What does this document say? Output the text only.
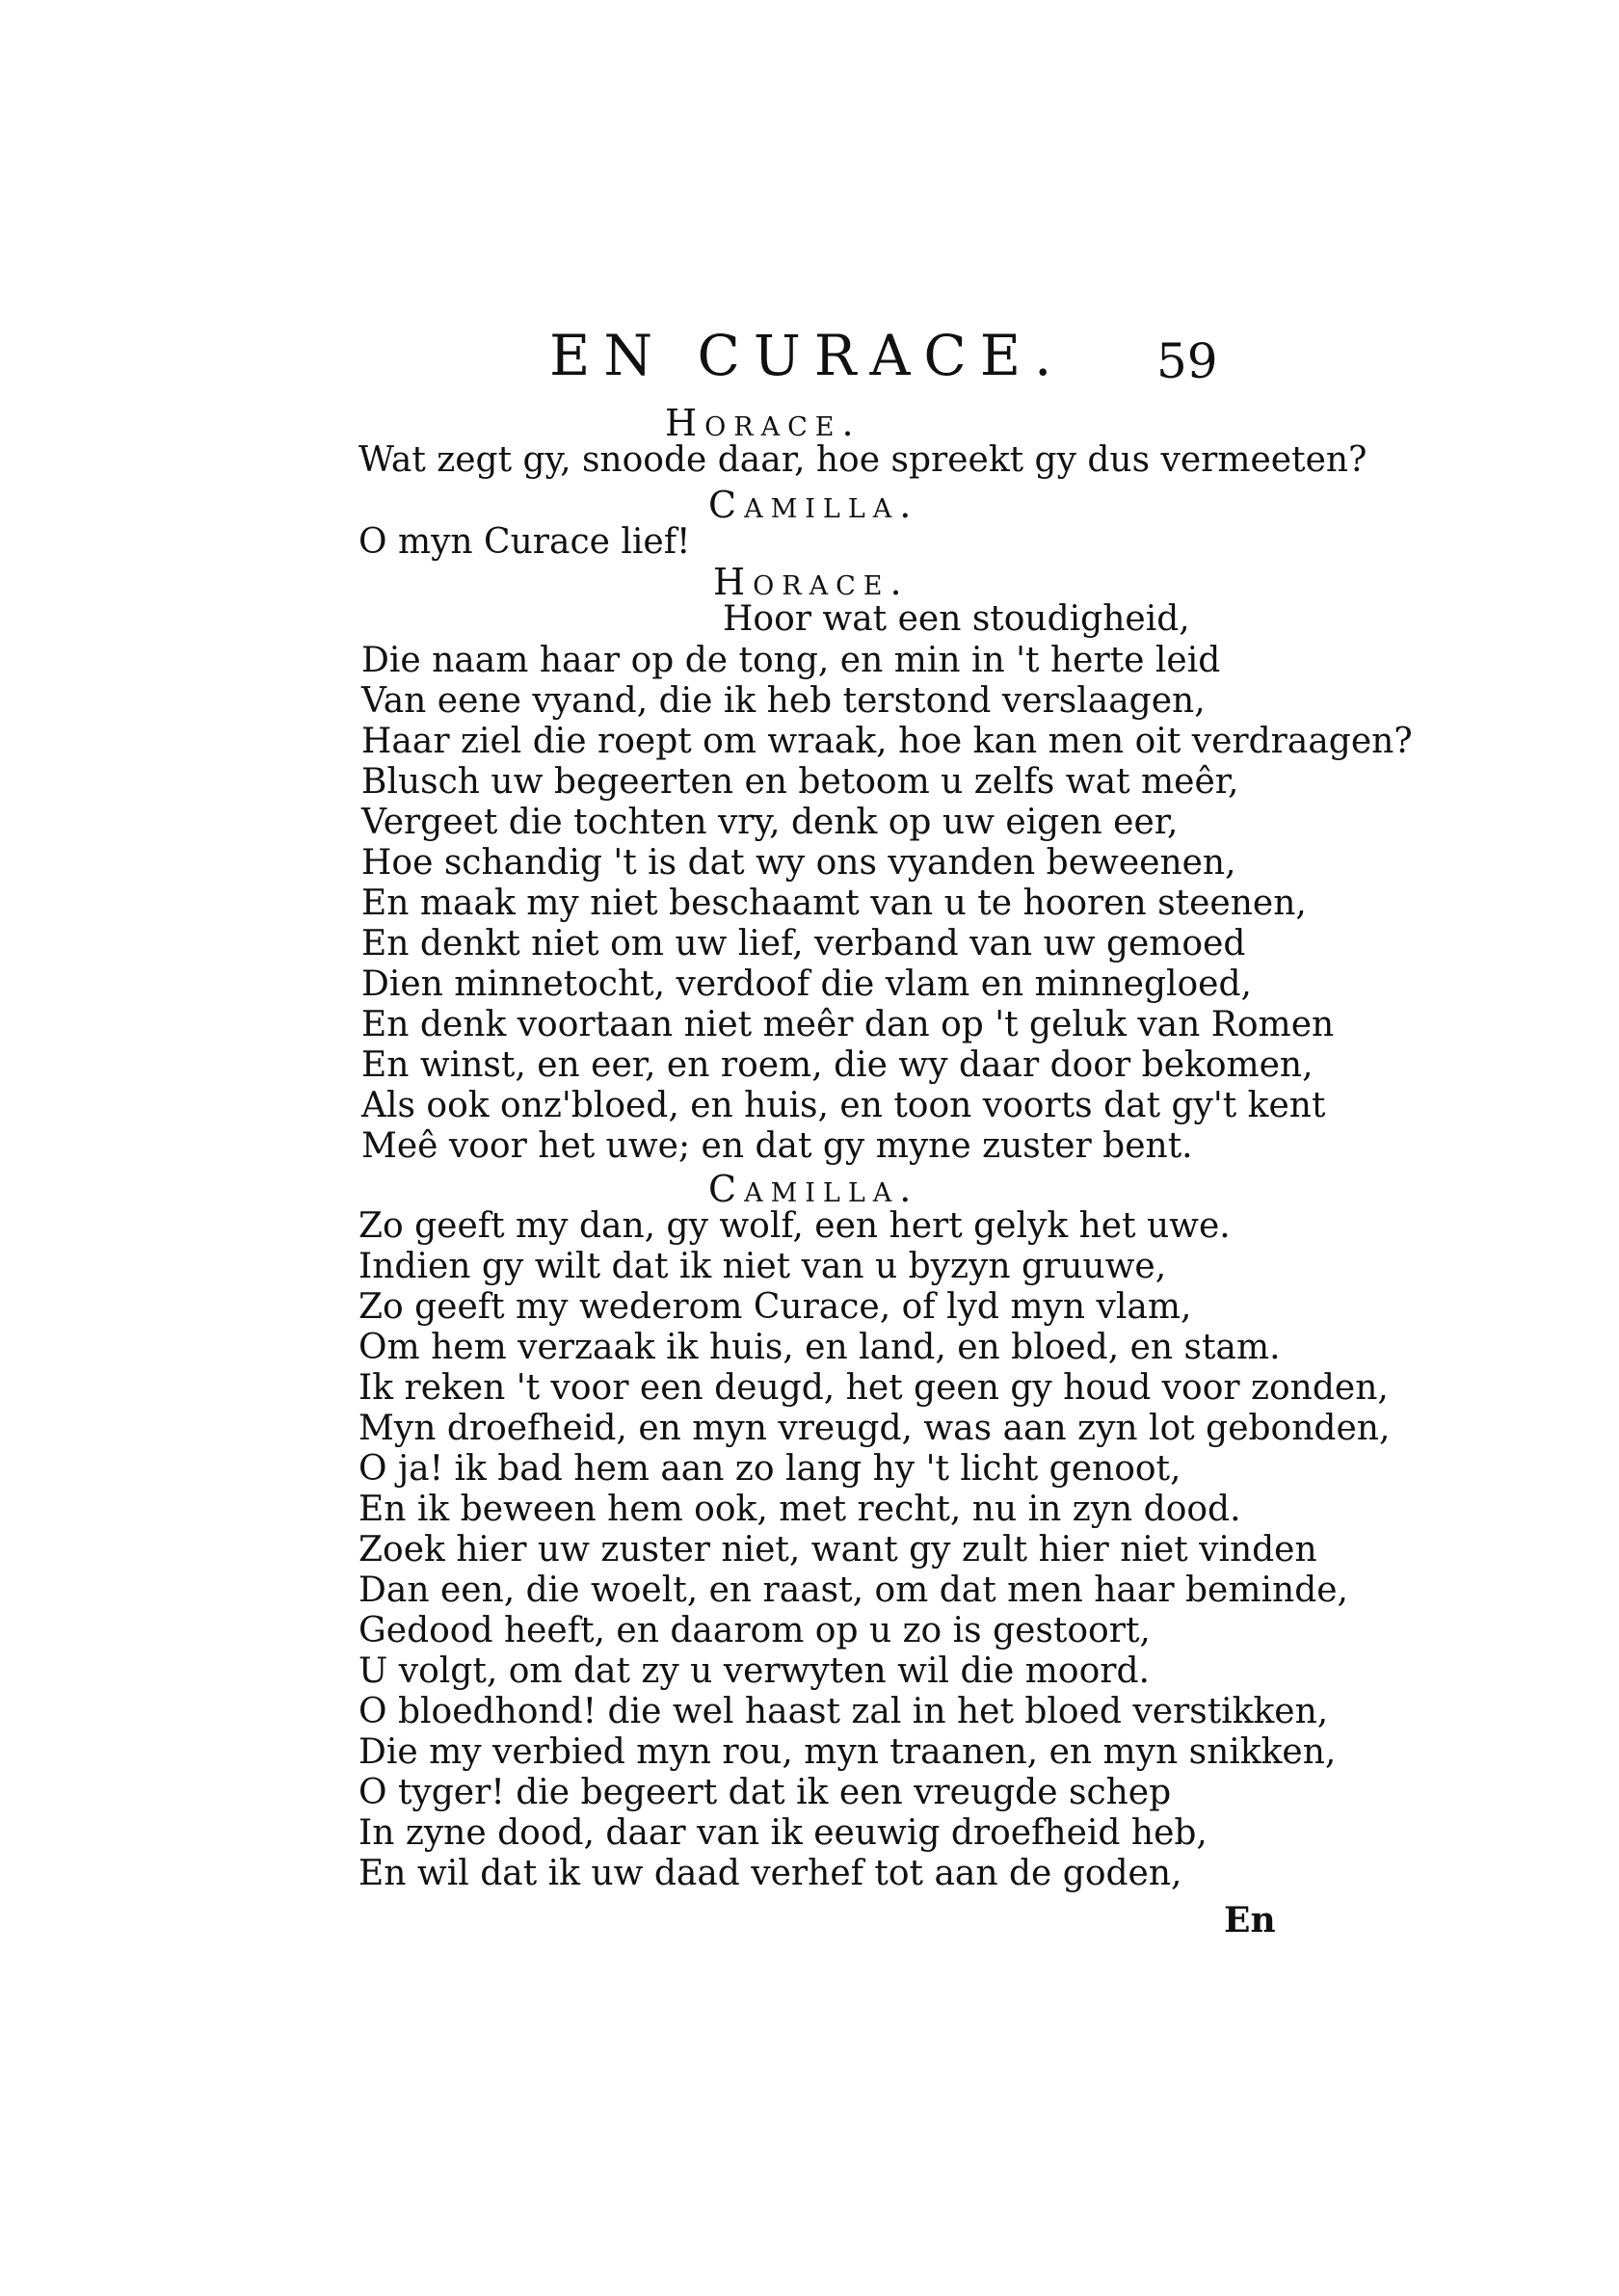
EN CURACE. 59
Horace.
Wat zegt gy, snoode daar, hoe spreekt gy dus vermeeten?
Camilla.
O myn Curace lief!
Horace.
Hoor wat een stoudigheid,
Die naam haar op de tong, en min in 't herte leid
Van eene vyand, die ik heb terstond verslaagen,
Haar ziel die roept om wraak, hoe kan men oit verdraagen?
Blusch uw begeerten en betoom u zelfs wat meêr,
Vergeet die tochten vry, denk op uw eigen eer,
Hoe schandig 't is dat wy ons vyanden beweenen,
En maak my niet beschaamt van u te hooren steenen,
En denkt niet om uw lief, verband van uw gemoed
Dien minnetocht, verdoof die vlam en minnegloed,
En denk voortaan niet meêr dan op 't geluk van Romen
En winst, en eer, en roem, die wy daar door bekomen,
Als ook onz'bloed, en huis, en toon voorts dat gy't kent
Meê voor het uwe; en dat gy myne zuster bent.
Camilla.
Zo geeft my dan, gy wolf, een hert gelyk het uwe.
Indien gy wilt dat ik niet van u byzyn gruuwe,
Zo geeft my wederom Curace, of lyd myn vlam,
Om hem verzaak ik huis, en land, en bloed, en stam.
Ik reken 't voor een deugd, het geen gy houd voor zonden,
Myn droefheid, en myn vreugd, was aan zyn lot gebonden,
O ja! ik bad hem aan zo lang hy 't licht genoot,
En ik beween hem ook, met recht, nu in zyn dood.
Zoek hier uw zuster niet, want gy zult hier niet vinden
Dan een, die woelt, en raast, om dat men haar beminde,
Gedood heeft, en daarom op u zo is gestoort,
U volgt, om dat zy u verwyten wil die moord.
O bloedhond! die wel haast zal in het bloed verstikken,
Die my verbied myn rou, myn traanen, en myn snikken,
O tyger! die begeert dat ik een vreugde schep
In zyne dood, daar van ik eeuwig droefheid heb,
En wil dat ik uw daad verhef tot aan de goden,
En
